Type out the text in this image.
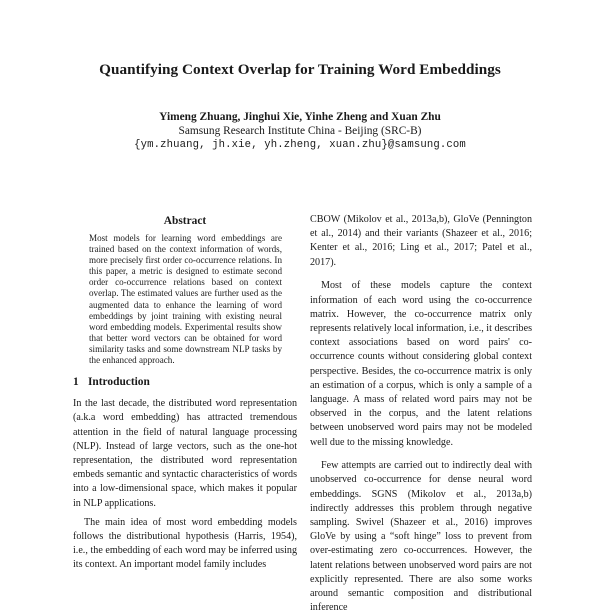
Quantifying Context Overlap for Training Word Embeddings
Yimeng Zhuang, Jinghui Xie, Yinhe Zheng and Xuan Zhu
Samsung Research Institute China - Beijing (SRC-B)
{ym.zhuang, jh.xie, yh.zheng, xuan.zhu}@samsung.com
Abstract

Most models for learning word embeddings are trained based on the context information of words, more precisely first order co-occurrence relations. In this paper, a metric is designed to estimate second order co-occurrence relations based on context overlap. The estimated values are further used as the augmented data to enhance the learning of word embeddings by joint training with existing neural word embedding models. Experimental results show that better word vectors can be obtained for word similarity tasks and some downstream NLP tasks by the enhanced approach.

1 Introduction

In the last decade, the distributed word representation (a.k.a word embedding) has attracted tremendous attention in the field of natural language processing (NLP). Instead of large vectors, such as the one-hot representation, the distributed word representation embeds semantic and syntactic characteristics of words into a low-dimensional space, which makes it popular in NLP applications.

The main idea of most word embedding models follows the distributional hypothesis (Harris, 1954), i.e., the embedding of each word may be inferred using its context. An important model family includes

CBOW (Mikolov et al., 2013a,b), GloVe (Pennington et al., 2014) and their variants (Shazeer et al., 2016; Kenter et al., 2016; Ling et al., 2017; Patel et al., 2017).

Most of these models capture the context information of each word using the co-occurrence matrix. However, the co-occurrence matrix only represents relatively local information, i.e., it describes context associations based on word pairs' co-occurrence counts without considering global context perspective. Besides, the co-occurrence matrix is only an estimation of a corpus, which is only a sample of a language. A mass of related word pairs may not be observed in the corpus, and the latent relations between unobserved word pairs may not be modeled well due to the missing knowledge.

Few attempts are carried out to indirectly deal with unobserved co-occurrence for dense neural word embeddings. SGNS (Mikolov et al., 2013a,b) indirectly addresses this problem through negative sampling. Swivel (Shazeer et al., 2016) improves GloVe by using a “soft hinge” loss to prevent from over-estimating zero co-occurrences. However, the latent relations between unobserved word pairs are not explicitly represented. There are also some works around semantic composition and distributional inference
